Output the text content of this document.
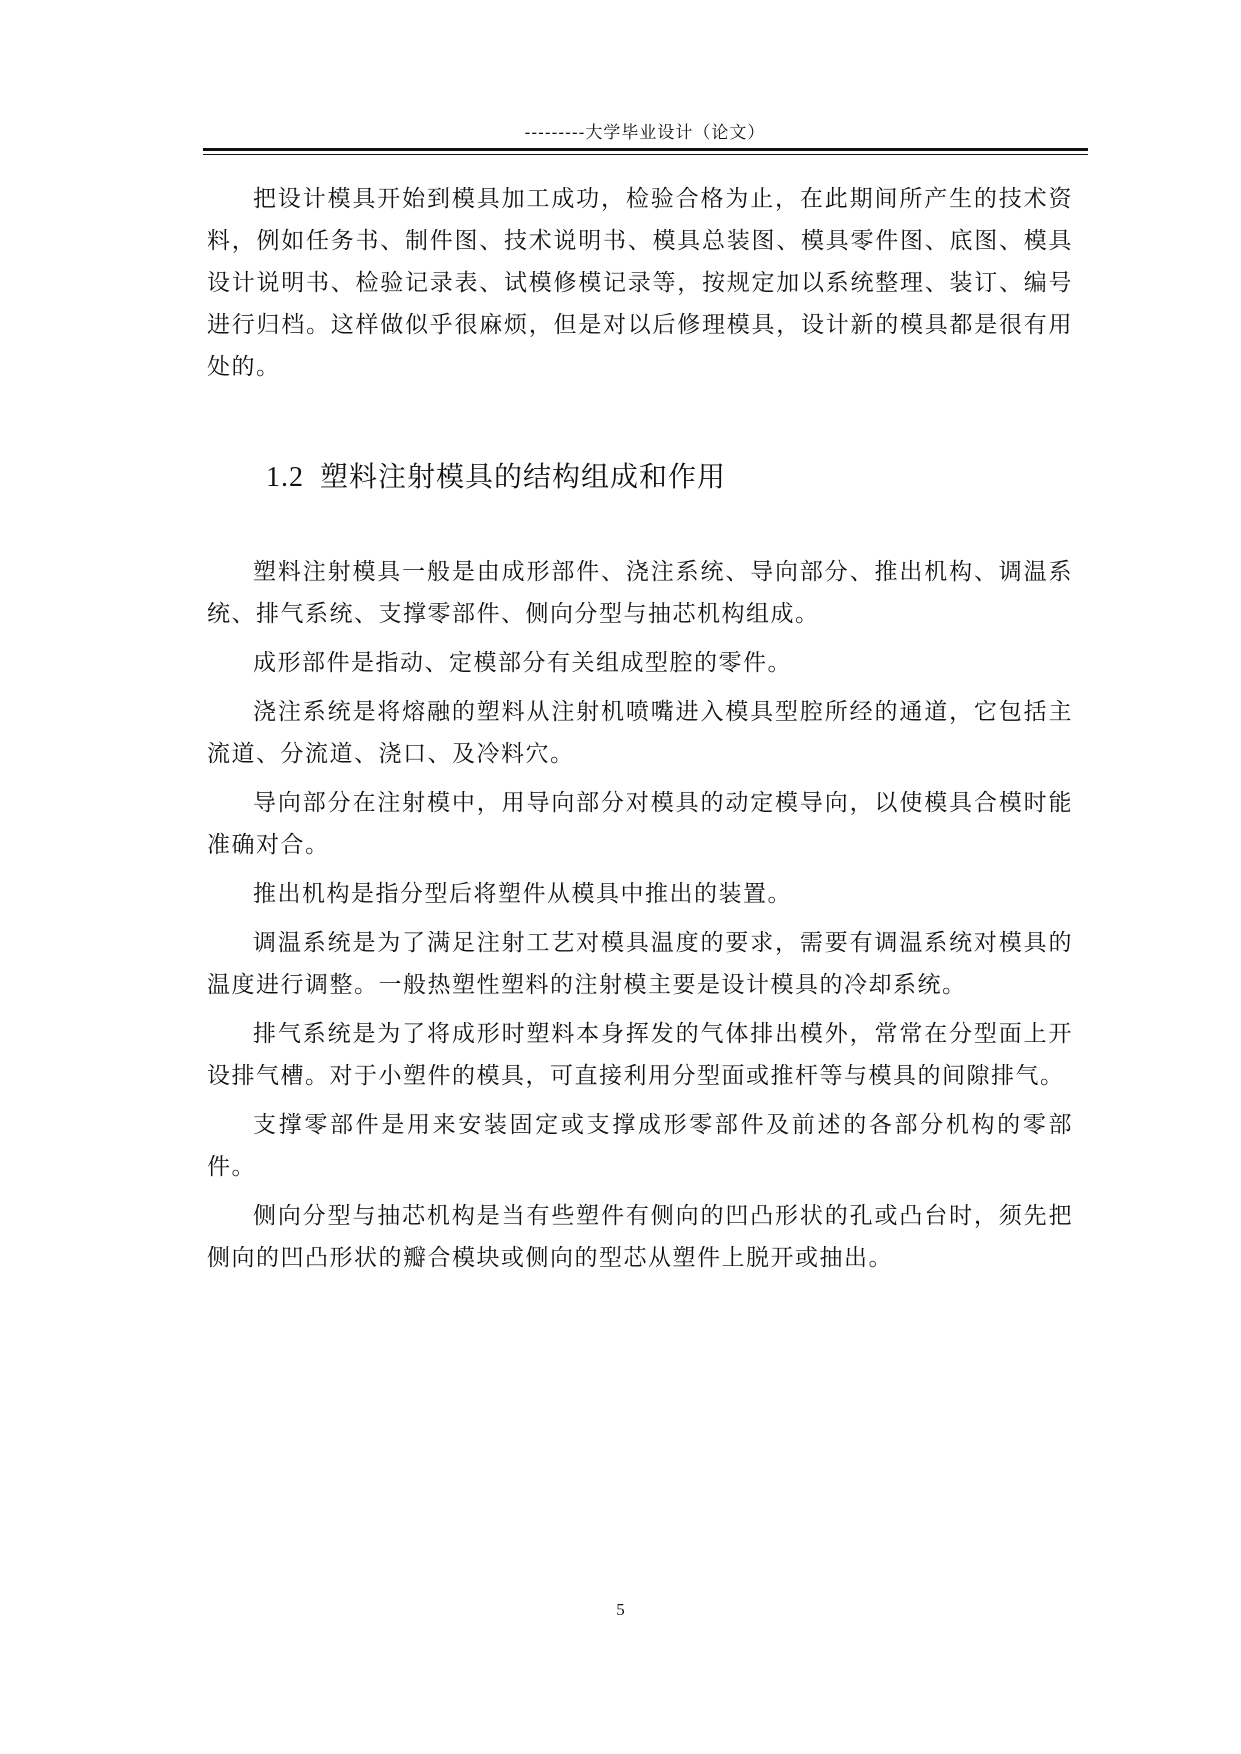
---------大学毕业设计（论文）

把设计模具开始到模具加工成功，检验合格为止，在此期间所产生的技术资料，例如任务书、制件图、技术说明书、模具总装图、模具零件图、底图、模具设计说明书、检验记录表、试模修模记录等，按规定加以系统整理、装订、编号进行归档。这样做似乎很麻烦，但是对以后修理模具，设计新的模具都是很有用处的。

1.2 塑料注射模具的结构组成和作用

塑料注射模具一般是由成形部件、浇注系统、导向部分、推出机构、调温系统、排气系统、支撑零部件、侧向分型与抽芯机构组成。

成形部件是指动、定模部分有关组成型腔的零件。

浇注系统是将熔融的塑料从注射机喷嘴进入模具型腔所经的通道，它包括主流道、分流道、浇口、及冷料穴。

导向部分在注射模中，用导向部分对模具的动定模导向，以使模具合模时能准确对合。

推出机构是指分型后将塑件从模具中推出的装置。

调温系统是为了满足注射工艺对模具温度的要求，需要有调温系统对模具的温度进行调整。一般热塑性塑料的注射模主要是设计模具的冷却系统。

排气系统是为了将成形时塑料本身挥发的气体排出模外，常常在分型面上开设排气槽。对于小塑件的模具，可直接利用分型面或推杆等与模具的间隙排气。

支撑零部件是用来安装固定或支撑成形零部件及前述的各部分机构的零部件。

侧向分型与抽芯机构是当有些塑件有侧向的凹凸形状的孔或凸台时，须先把侧向的凹凸形状的瓣合模块或侧向的型芯从塑件上脱开或抽出。

5
